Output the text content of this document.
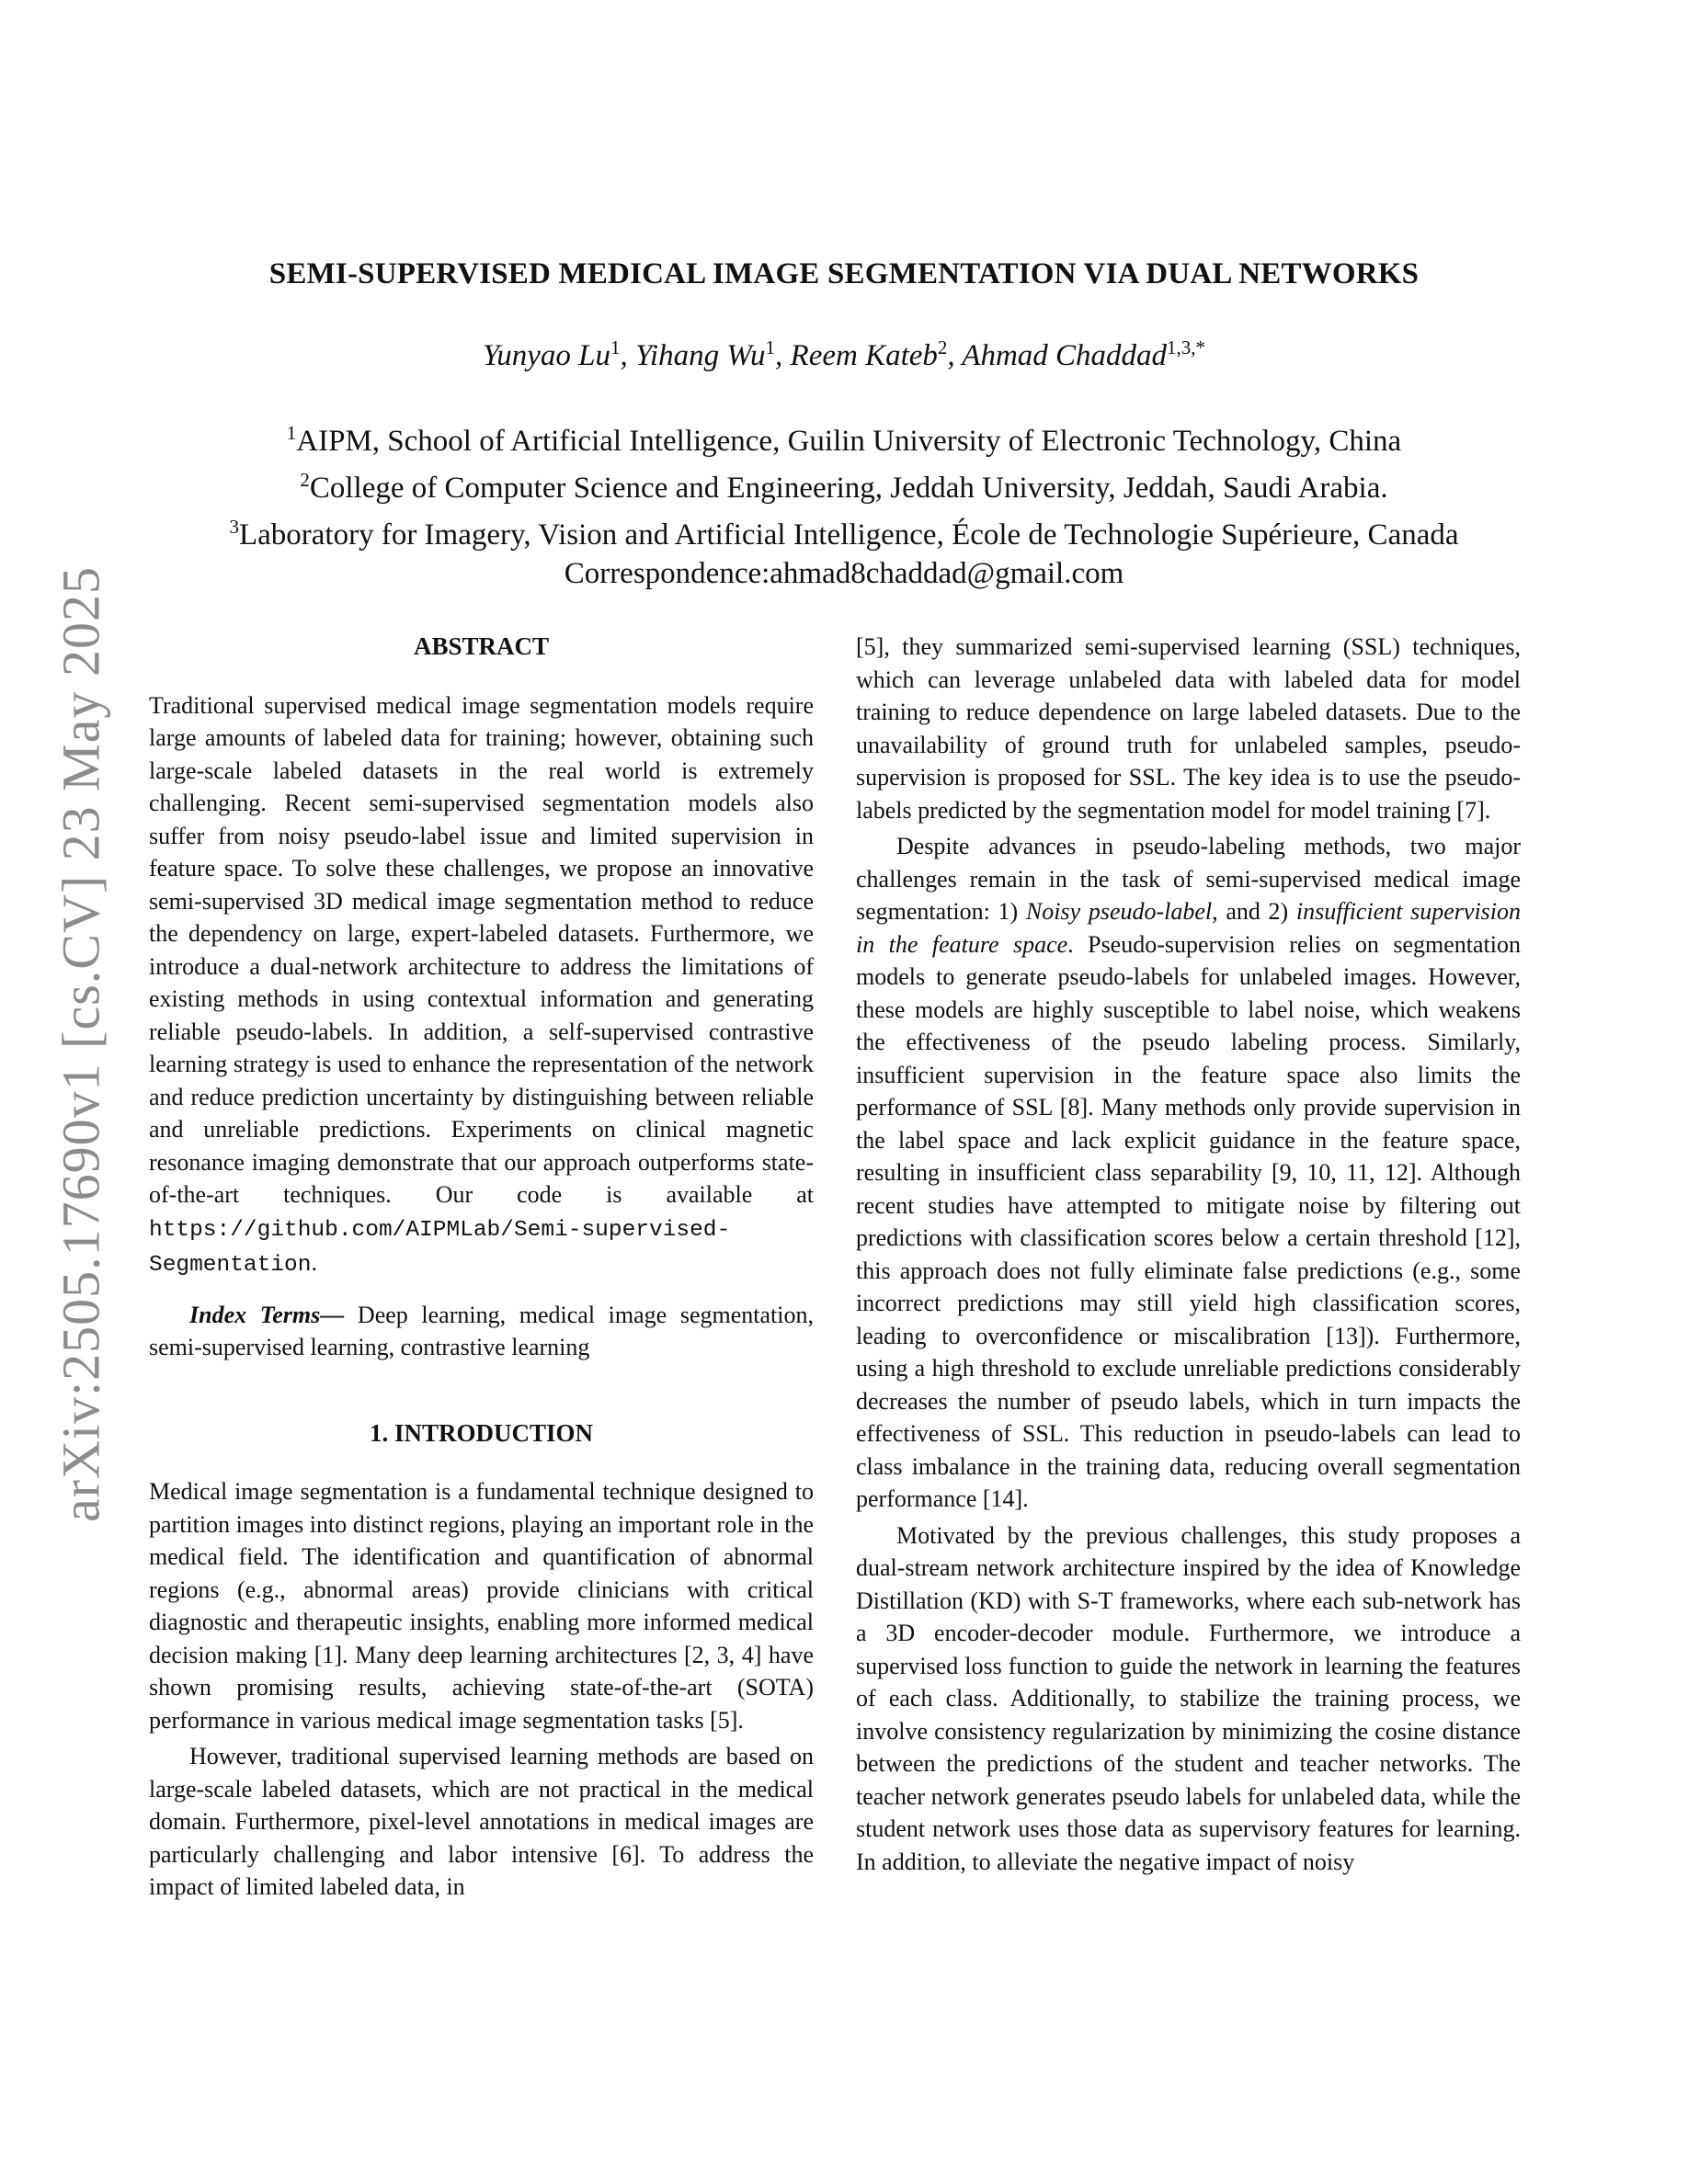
arXiv:2505.17690v1 [cs.CV] 23 May 2025
SEMI-SUPERVISED MEDICAL IMAGE SEGMENTATION VIA DUAL NETWORKS
Yunyao Lu$^1$, Yihang Wu$^1$, Reem Kateb$^2$, Ahmad Chaddad$^{1,3,*}$
$^1$AIPM, School of Artificial Intelligence, Guilin University of Electronic Technology, China
$^2$College of Computer Science and Engineering, Jeddah University, Jeddah, Saudi Arabia.
$^3$Laboratory for Imagery, Vision and Artificial Intelligence, École de Technologie Supérieure, Canada
Correspondence:ahmad8chaddad@gmail.com

ABSTRACT

Traditional supervised medical image segmentation models require large amounts of labeled data for training; however, obtaining such large-scale labeled datasets in the real world is extremely challenging. Recent semi-supervised segmentation models also suffer from noisy pseudo-label issue and limited supervision in feature space. To solve these challenges, we propose an innovative semi-supervised 3D medical image segmentation method to reduce the dependency on large, expert-labeled datasets. Furthermore, we introduce a dual-network architecture to address the limitations of existing methods in using contextual information and generating reliable pseudo-labels. In addition, a self-supervised contrastive learning strategy is used to enhance the representation of the network and reduce prediction uncertainty by distinguishing between reliable and unreliable predictions. Experiments on clinical magnetic resonance imaging demonstrate that our approach outperforms state-of-the-art techniques. Our code is available at https://github.com/AIPMLab/Semi-supervised-Segmentation.

Index Terms— Deep learning, medical image segmentation, semi-supervised learning, contrastive learning

1. INTRODUCTION

Medical image segmentation is a fundamental technique designed to partition images into distinct regions, playing an important role in the medical field. The identification and quantification of abnormal regions (e.g., abnormal areas) provide clinicians with critical diagnostic and therapeutic insights, enabling more informed medical decision making [1]. Many deep learning architectures [2, 3, 4] have shown promising results, achieving state-of-the-art (SOTA) performance in various medical image segmentation tasks [5].

However, traditional supervised learning methods are based on large-scale labeled datasets, which are not practical in the medical domain. Furthermore, pixel-level annotations in medical images are particularly challenging and labor intensive [6]. To address the impact of limited labeled data, in

[5], they summarized semi-supervised learning (SSL) techniques, which can leverage unlabeled data with labeled data for model training to reduce dependence on large labeled datasets. Due to the unavailability of ground truth for unlabeled samples, pseudo-supervision is proposed for SSL. The key idea is to use the pseudo-labels predicted by the segmentation model for model training [7].

Despite advances in pseudo-labeling methods, two major challenges remain in the task of semi-supervised medical image segmentation: 1) Noisy pseudo-label, and 2) insufficient supervision in the feature space. Pseudo-supervision relies on segmentation models to generate pseudo-labels for unlabeled images. However, these models are highly susceptible to label noise, which weakens the effectiveness of the pseudo labeling process. Similarly, insufficient supervision in the feature space also limits the performance of SSL [8]. Many methods only provide supervision in the label space and lack explicit guidance in the feature space, resulting in insufficient class separability [9, 10, 11, 12]. Although recent studies have attempted to mitigate noise by filtering out predictions with classification scores below a certain threshold [12], this approach does not fully eliminate false predictions (e.g., some incorrect predictions may still yield high classification scores, leading to overconfidence or miscalibration [13]). Furthermore, using a high threshold to exclude unreliable predictions considerably decreases the number of pseudo labels, which in turn impacts the effectiveness of SSL. This reduction in pseudo-labels can lead to class imbalance in the training data, reducing overall segmentation performance [14].

Motivated by the previous challenges, this study proposes a dual-stream network architecture inspired by the idea of Knowledge Distillation (KD) with S-T frameworks, where each sub-network has a 3D encoder-decoder module. Furthermore, we introduce a supervised loss function to guide the network in learning the features of each class. Additionally, to stabilize the training process, we involve consistency regularization by minimizing the cosine distance between the predictions of the student and teacher networks. The teacher network generates pseudo labels for unlabeled data, while the student network uses those data as supervisory features for learning. In addition, to alleviate the negative impact of noisy
